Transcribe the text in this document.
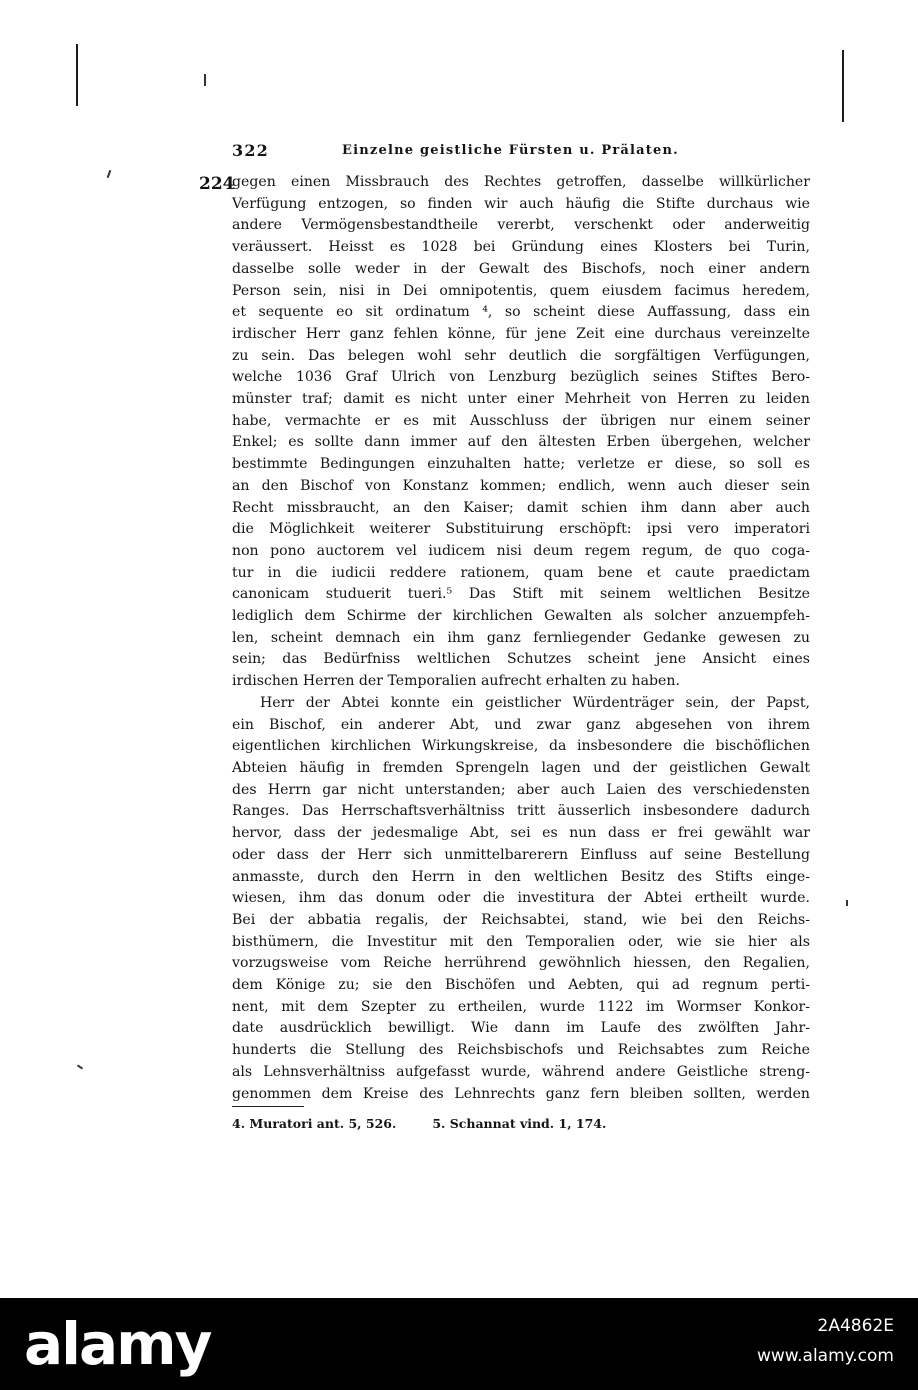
322	Einzelne geistliche Fürsten u. Prälaten.
224
gegen einen Missbrauch des Rechtes getroffen, dasselbe willkürlicher
Verfügung entzogen, so finden wir auch häufig die Stifte durchaus wie
andere Vermögensbestandtheile vererbt, verschenkt oder anderweitig
veräussert. Heisst es 1028 bei Gründung eines Klosters bei Turin,
dasselbe solle weder in der Gewalt des Bischofs, noch einer andern
Person sein, nisi in Dei omnipotentis, quem eiusdem facimus heredem,
et sequente eo sit ordinatum ⁴, so scheint diese Auffassung, dass ein
irdischer Herr ganz fehlen könne, für jene Zeit eine durchaus vereinzelte
zu sein. Das belegen wohl sehr deutlich die sorgfältigen Verfügungen,
welche 1036 Graf Ulrich von Lenzburg bezüglich seines Stiftes Bero-
münster traf; damit es nicht unter einer Mehrheit von Herren zu leiden
habe, vermachte er es mit Ausschluss der übrigen nur einem seiner
Enkel; es sollte dann immer auf den ältesten Erben übergehen, welcher
bestimmte Bedingungen einzuhalten hatte; verletze er diese, so soll es
an den Bischof von Konstanz kommen; endlich, wenn auch dieser sein
Recht missbraucht, an den Kaiser; damit schien ihm dann aber auch
die Möglichkeit weiterer Substituirung erschöpft: ipsi vero imperatori
non pono auctorem vel iudicem nisi deum regem regum, de quo coga-
tur in die iudicii reddere rationem, quam bene et caute praedictam
canonicam studuerit tueri.⁵ Das Stift mit seinem weltlichen Besitze
lediglich dem Schirme der kirchlichen Gewalten als solcher anzuempfeh-
len, scheint demnach ein ihm ganz fernliegender Gedanke gewesen zu
sein; das Bedürfniss weltlichen Schutzes scheint jene Ansicht eines
irdischen Herren der Temporalien aufrecht erhalten zu haben.
Herr der Abtei konnte ein geistlicher Würdenträger sein, der Papst,
ein Bischof, ein anderer Abt, und zwar ganz abgesehen von ihrem
eigentlichen kirchlichen Wirkungskreise, da insbesondere die bischöflichen
Abteien häufig in fremden Sprengeln lagen und der geistlichen Gewalt
des Herrn gar nicht unterstanden; aber auch Laien des verschiedensten
Ranges. Das Herrschaftsverhältniss tritt äusserlich insbesondere dadurch
hervor, dass der jedesmalige Abt, sei es nun dass er frei gewählt war
oder dass der Herr sich unmittelbarerern Einfluss auf seine Bestellung
anmasste, durch den Herrn in den weltlichen Besitz des Stifts einge-
wiesen, ihm das donum oder die investitura der Abtei ertheilt wurde.
Bei der abbatia regalis, der Reichsabtei, stand, wie bei den Reichs-
bisthümern, die Investitur mit den Temporalien oder, wie sie hier als
vorzugsweise vom Reiche herrührend gewöhnlich hiessen, den Regalien,
dem Könige zu; sie den Bischöfen und Aebten, qui ad regnum perti-
nent, mit dem Szepter zu ertheilen, wurde 1122 im Wormser Konkor-
date ausdrücklich bewilligt. Wie dann im Laufe des zwölften Jahr-
hunderts die Stellung des Reichsbischofs und Reichsabtes zum Reiche
als Lehnsverhältniss aufgefasst wurde, während andere Geistliche streng-
genommen dem Kreise des Lehnrechts ganz fern bleiben sollten, werden
4. Muratori ant. 5, 526.	5. Schannat vind. 1, 174.
alamy	2A4862E
www.alamy.com
